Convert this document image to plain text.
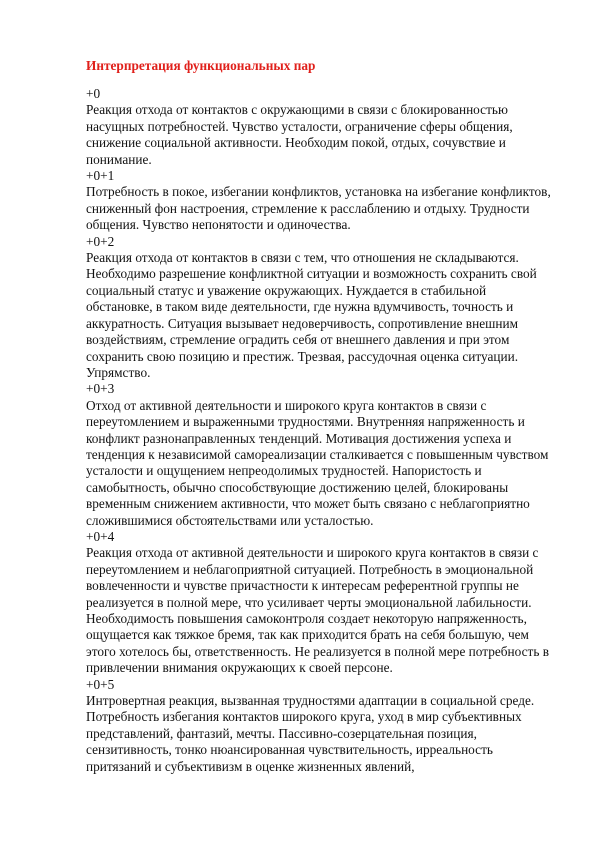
Интерпретация функциональных пар
+0
Реакция отхода от контактов с окружающими в связи с блокированностью насущных потребностей. Чувство усталости, ограничение сферы общения, снижение социальной активности. Необходим покой, отдых, сочувствие и понимание.
+0+1
Потребность в покое, избегании конфликтов, установка на избегание конфликтов, сниженный фон настроения, стремление к расслаблению и отдыху. Трудности общения. Чувство непонятости и одиночества.
+0+2
Реакция отхода от контактов в связи с тем, что отношения не складываются. Необходимо разрешение конфликтной ситуации и возможность сохранить свой социальный статус и уважение окружающих. Нуждается в стабильной обстановке, в таком виде деятельности, где нужна вдумчивость, точность и аккуратность. Ситуация вызывает недоверчивость, сопротивление внешним воздействиям, стремление оградить себя от внешнего давления и при этом сохранить свою позицию и престиж. Трезвая, рассудочная оценка ситуации. Упрямство.
+0+3
Отход от активной деятельности и широкого круга контактов в связи с переутомлением и выраженными трудностями. Внутренняя напряженность и конфликт разнонаправленных тенденций. Мотивация достижения успеха и тенденция к независимой самореализации сталкивается с повышенным чувством усталости и ощущением непреодолимых трудностей. Напористость и самобытность, обычно способствующие достижению целей, блокированы временным снижением активности, что может быть связано с неблагоприятно сложившимися обстоятельствами или усталостью.
+0+4
Реакция отхода от активной деятельности и широкого круга контактов в связи с переутомлением и неблагоприятной ситуацией. Потребность в эмоциональной вовлеченности и чувстве причастности к интересам референтной группы не реализуется в полной мере, что усиливает черты эмоциональной лабильности. Необходимость повышения самоконтроля создает некоторую напряженность, ощущается как тяжкое бремя, так как приходится брать на себя большую, чем этого хотелось бы, ответственность. Не реализуется в полной мере потребность в привлечении внимания окружающих к своей персоне.
+0+5
Интровертная реакция, вызванная трудностями адаптации в социальной среде. Потребность избегания контактов широкого круга, уход в мир субъективных представлений, фантазий, мечты. Пассивно-созерцательная позиция, сензитивность, тонко нюансированная чувствительность, ирреальность притязаний и субъективизм в оценке жизненных явлений,
